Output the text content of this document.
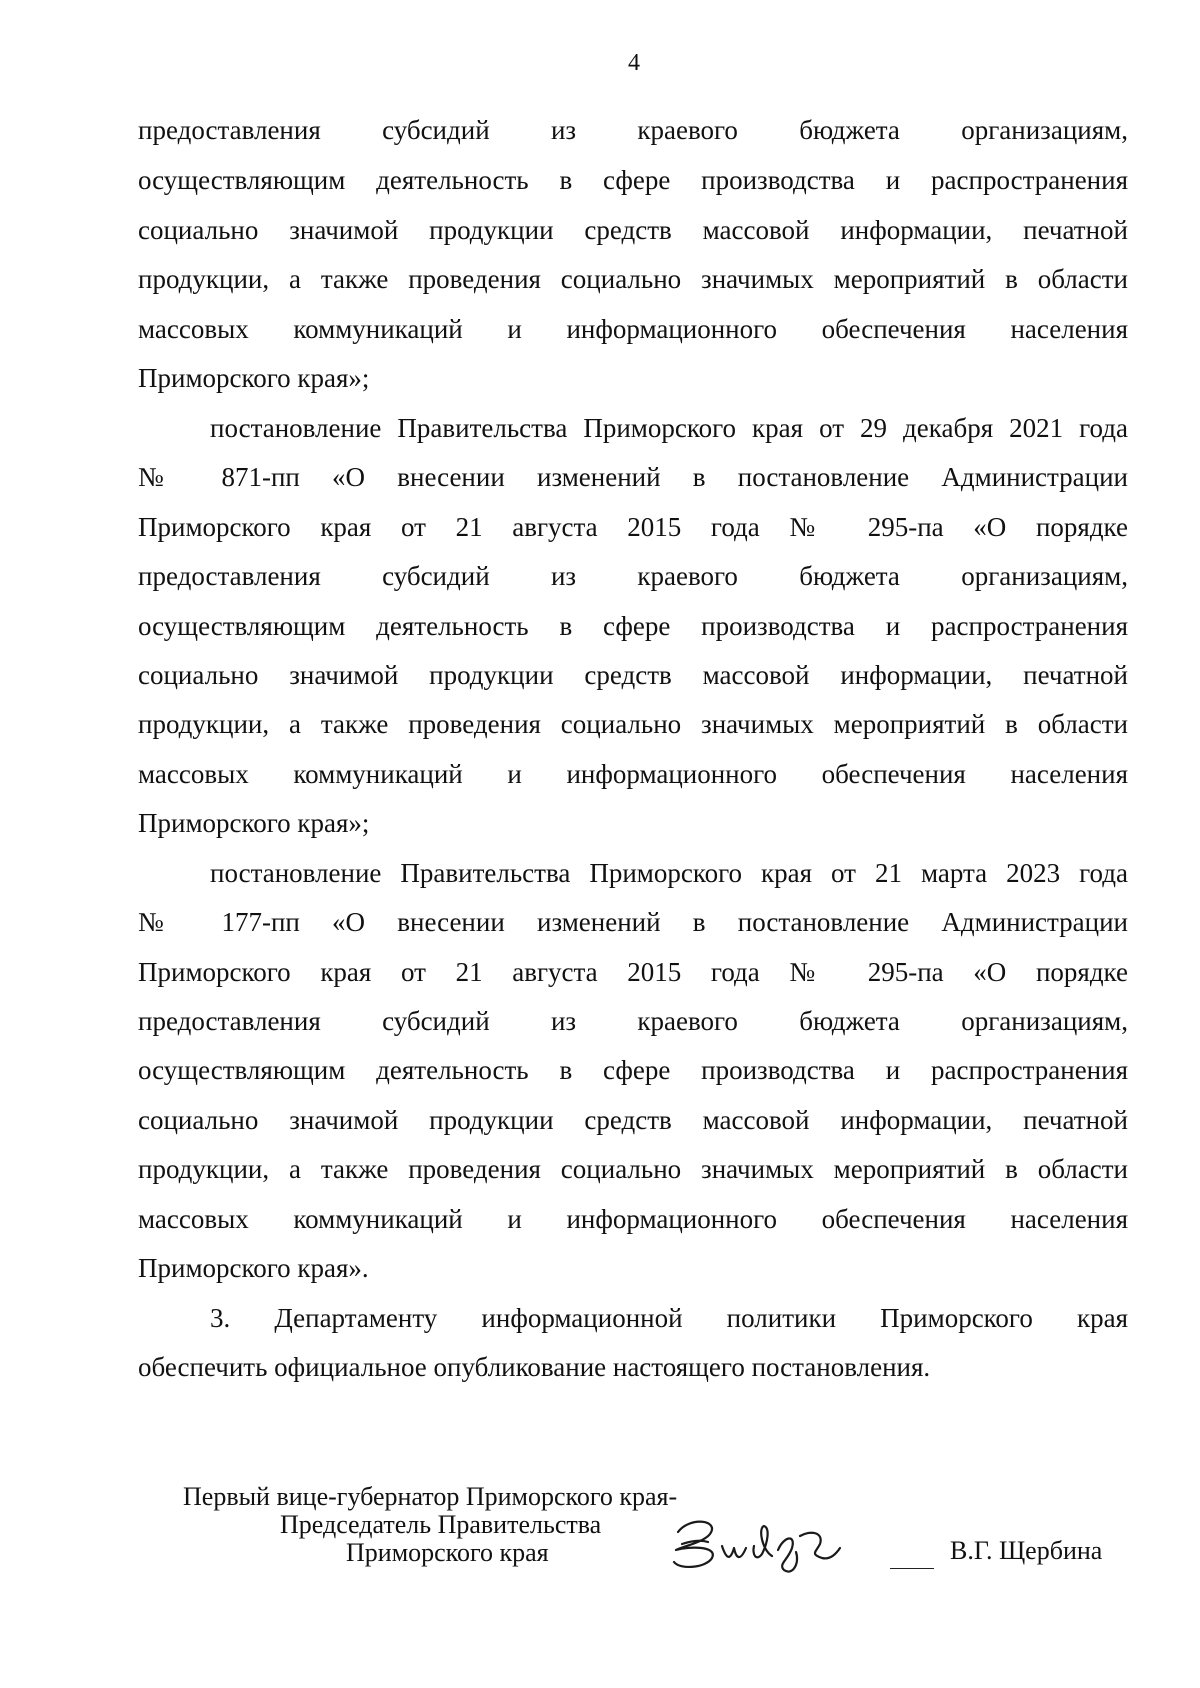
4
предоставления субсидий из краевого бюджета организациям,
осуществляющим деятельность в сфере производства и распространения
социально значимой продукции средств массовой информации, печатной
продукции, а также проведения социально значимых мероприятий в области
массовых коммуникаций и информационного обеспечения населения
Приморского края»;
постановление Правительства Приморского края от 29 декабря 2021 года
№ 871-пп «О внесении изменений в постановление Администрации
Приморского края от 21 августа 2015 года № 295-па «О порядке
предоставления субсидий из краевого бюджета организациям,
осуществляющим деятельность в сфере производства и распространения
социально значимой продукции средств массовой информации, печатной
продукции, а также проведения социально значимых мероприятий в области
массовых коммуникаций и информационного обеспечения населения
Приморского края»;
постановление Правительства Приморского края от 21 марта 2023 года
№ 177-пп «О внесении изменений в постановление Администрации
Приморского края от 21 августа 2015 года № 295-па «О порядке
предоставления субсидий из краевого бюджета организациям,
осуществляющим деятельность в сфере производства и распространения
социально значимой продукции средств массовой информации, печатной
продукции, а также проведения социально значимых мероприятий в области
массовых коммуникаций и информационного обеспечения населения
Приморского края».
3. Департаменту информационной политики Приморского края
обеспечить официальное опубликование настоящего постановления.
Первый вице-губернатор Приморского края-
Председатель Правительства
Приморского края	В.Г. Щербина
